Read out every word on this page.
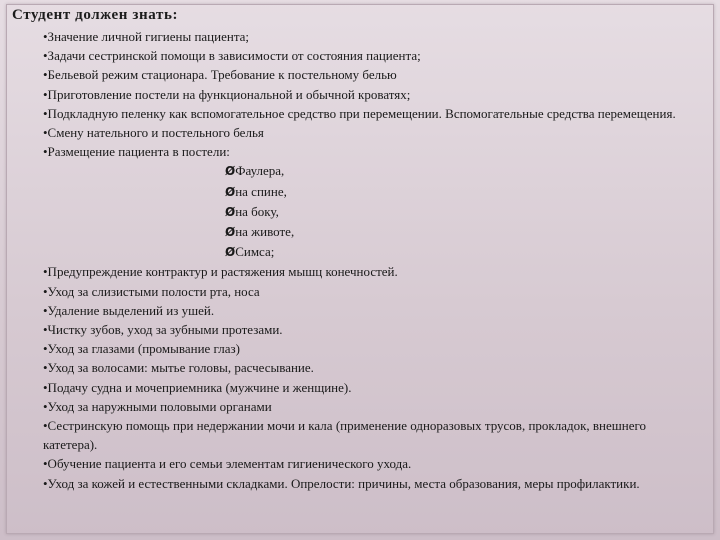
Студент должен знать:
•Значение личной гигиены пациента;
•Задачи сестринской помощи в зависимости от состояния пациента;
•Бельевой режим стационара. Требование к постельному белью
•Приготовление постели на функциональной и обычной кроватях;
•Подкладную пеленку как вспомогательное средство при перемещении. Вспомогательные средства перемещения.
•Смену нательного и постельного белья
•Размещение пациента в постели:
ØФаулера,
Øна спине,
Øна боку,
Øна животе,
ØСимса;
•Предупреждение контрактур и растяжения мышц конечностей.
•Уход за слизистыми полости рта, носа
•Удаление выделений из ушей.
•Чистку зубов, уход за зубными протезами.
•Уход за глазами (промывание глаз)
•Уход за волосами: мытье головы, расчесывание.
•Подачу судна и мочеприемника (мужчине и женщине).
•Уход за наружными половыми органами
•Сестринскую помощь при недержании мочи и кала (применение одноразовых трусов, прокладок, внешнего катетера).
•Обучение пациента и его семьи элементам гигиенического ухода.
•Уход за кожей и естественными складками. Опрелости: причины, места образования, меры профилактики.
